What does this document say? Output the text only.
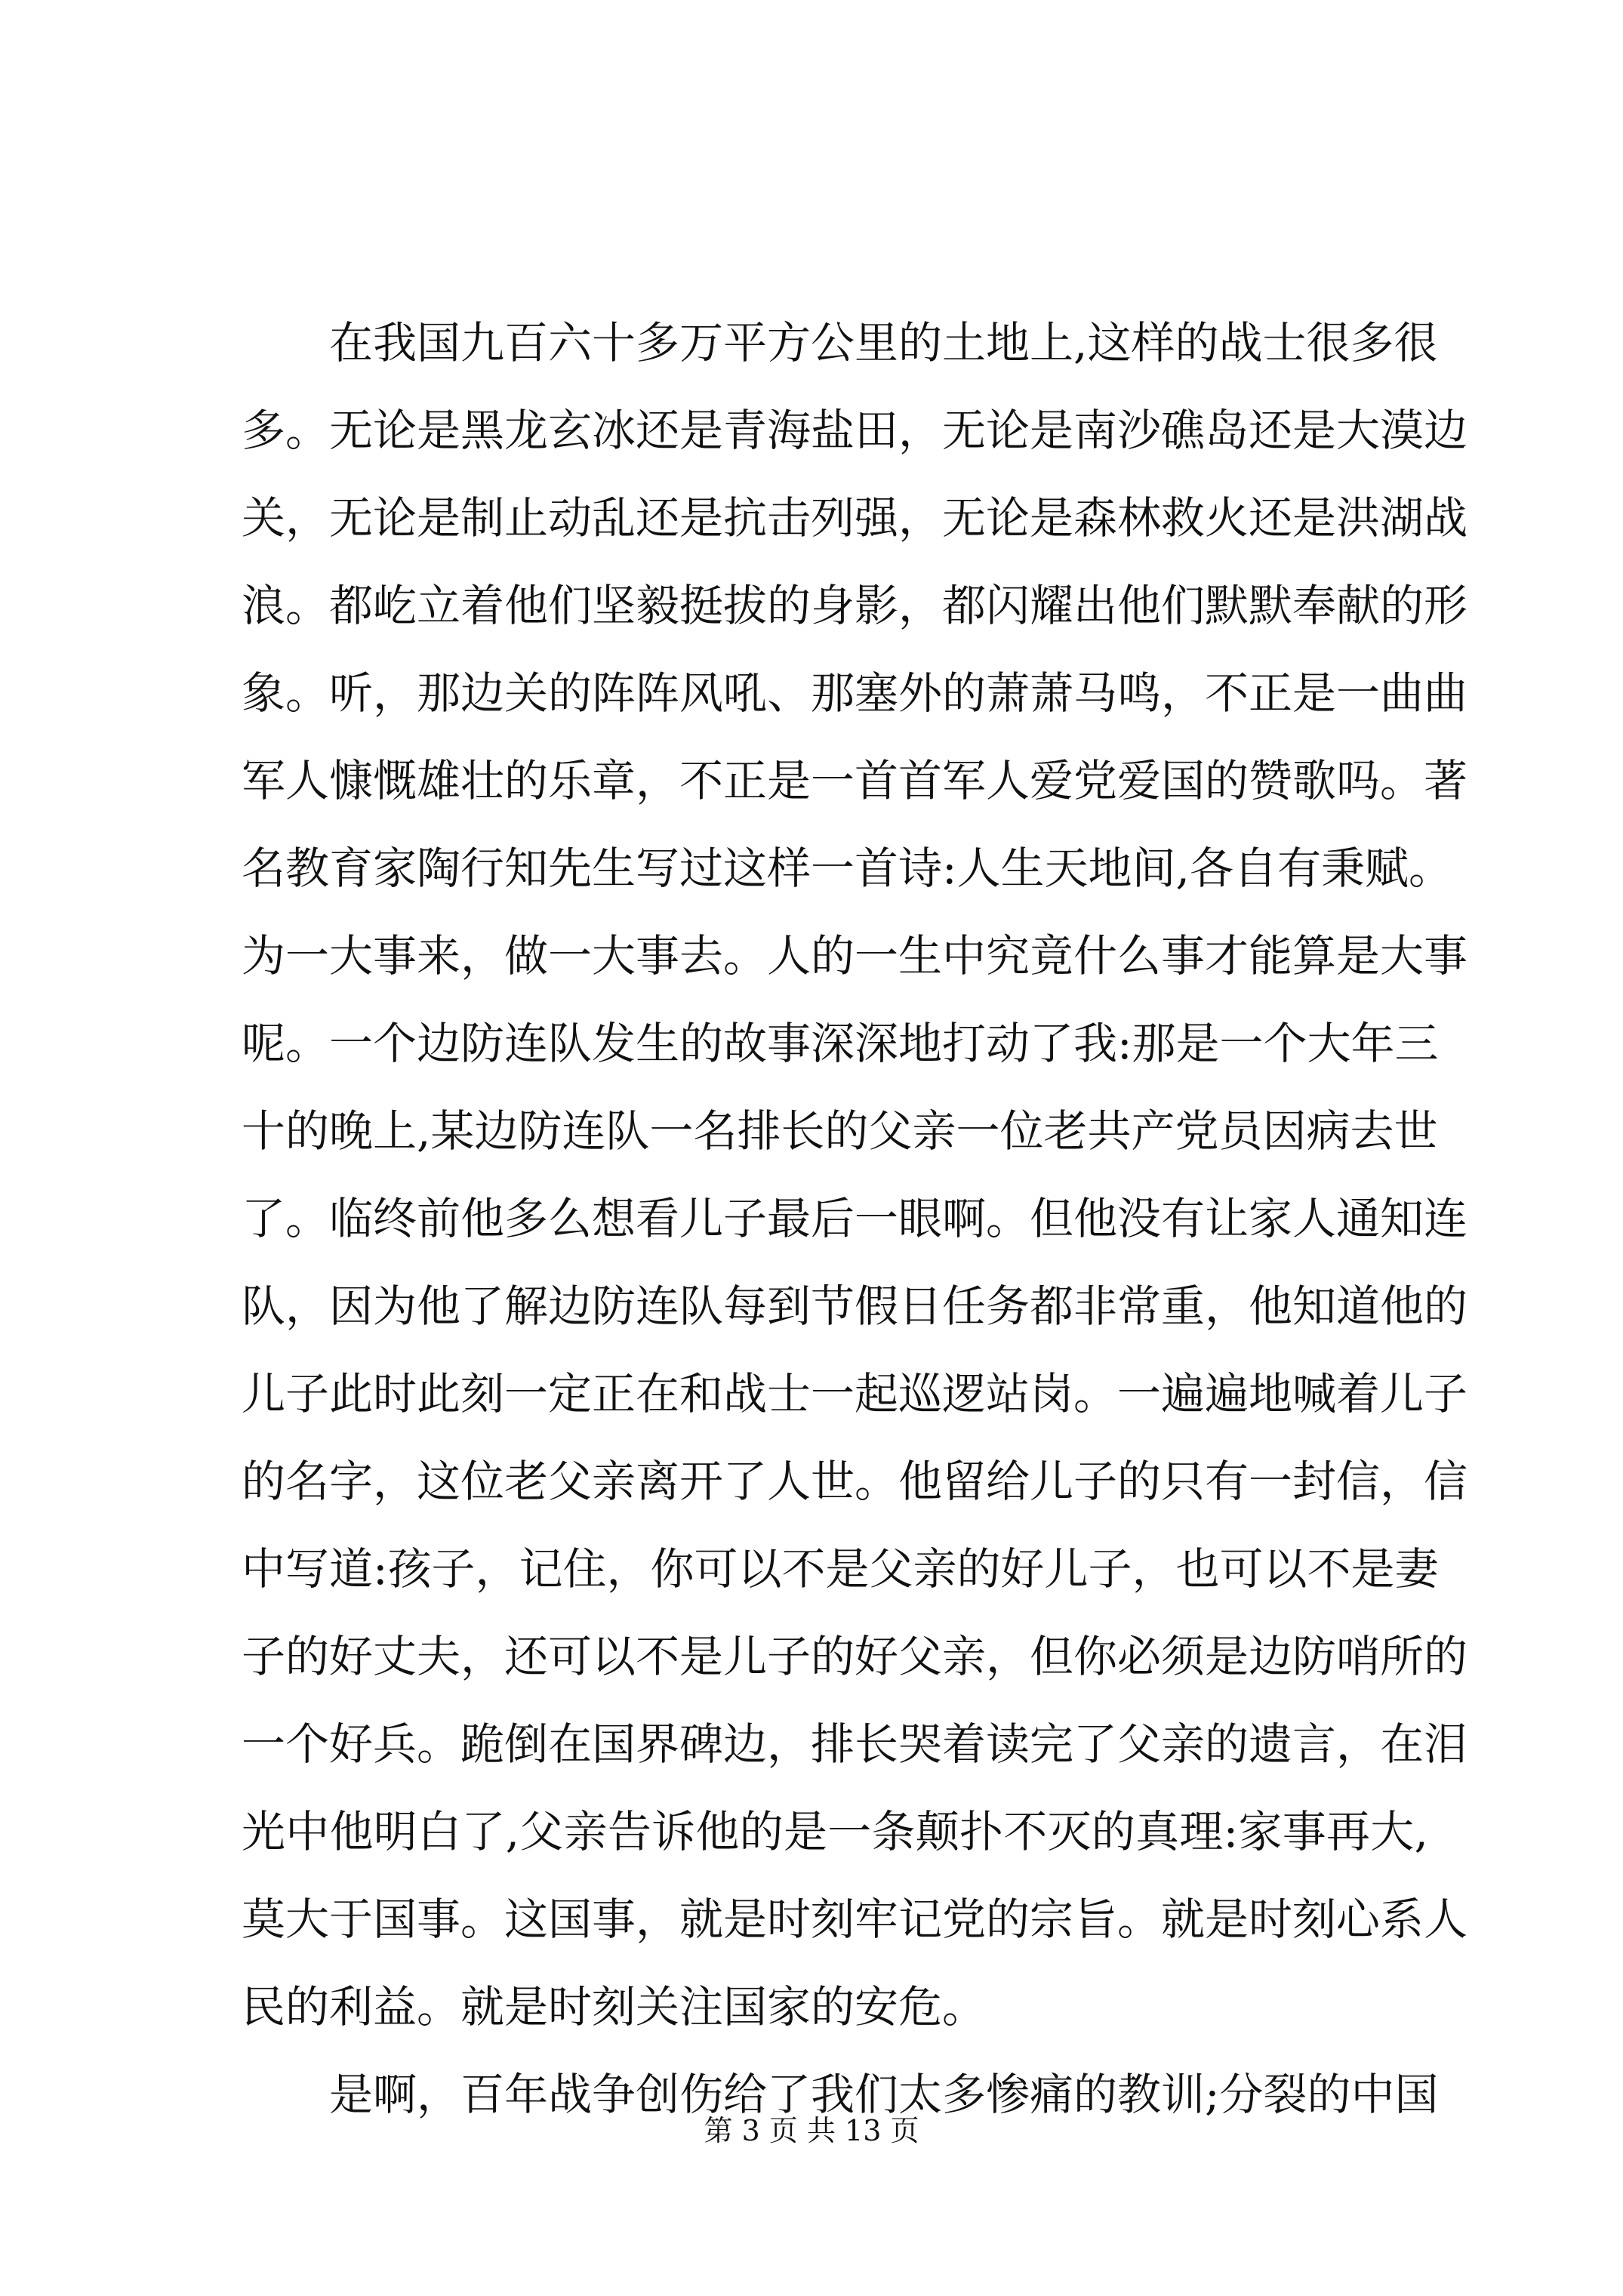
　　在我国九百六十多万平方公里的土地上,这样的战士很多很
多。无论是黑龙玄冰还是青海盐田，无论是南沙礁岛还是大漠边
关，无论是制止动乱还是抗击列强，无论是森林救火还是洪湖战
浪。都屹立着他们坚毅挺拔的身影，都闪耀出他们默默奉献的形
象。听，那边关的阵阵风吼、那塞外的萧萧马鸣，不正是一曲曲
军人慷慨雄壮的乐章，不正是一首首军人爱党爱国的赞歌吗。著
名教育家陶行知先生写过这样一首诗:人生天地间,各自有秉赋。
为一大事来，做一大事去。人的一生中究竟什么事才能算是大事
呢。一个边防连队发生的故事深深地打动了我:那是一个大年三
十的晚上,某边防连队一名排长的父亲一位老共产党员因病去世
了。临终前他多么想看儿子最后一眼啊。但他没有让家人通知连
队，因为他了解边防连队每到节假日任务都非常重，他知道他的
儿子此时此刻一定正在和战士一起巡逻站岗。一遍遍地喊着儿子
的名字，这位老父亲离开了人世。他留给儿子的只有一封信，信
中写道:孩子，记住，你可以不是父亲的好儿子，也可以不是妻
子的好丈夫，还可以不是儿子的好父亲，但你必须是边防哨所的
一个好兵。跪倒在国界碑边，排长哭着读完了父亲的遗言，在泪
光中他明白了,父亲告诉他的是一条颠扑不灭的真理:家事再大,
莫大于国事。这国事，就是时刻牢记党的宗旨。就是时刻心系人
民的利益。就是时刻关注国家的安危。
　　是啊，百年战争创伤给了我们太多惨痛的教训;分裂的中国
第 3 页 共 13 页
